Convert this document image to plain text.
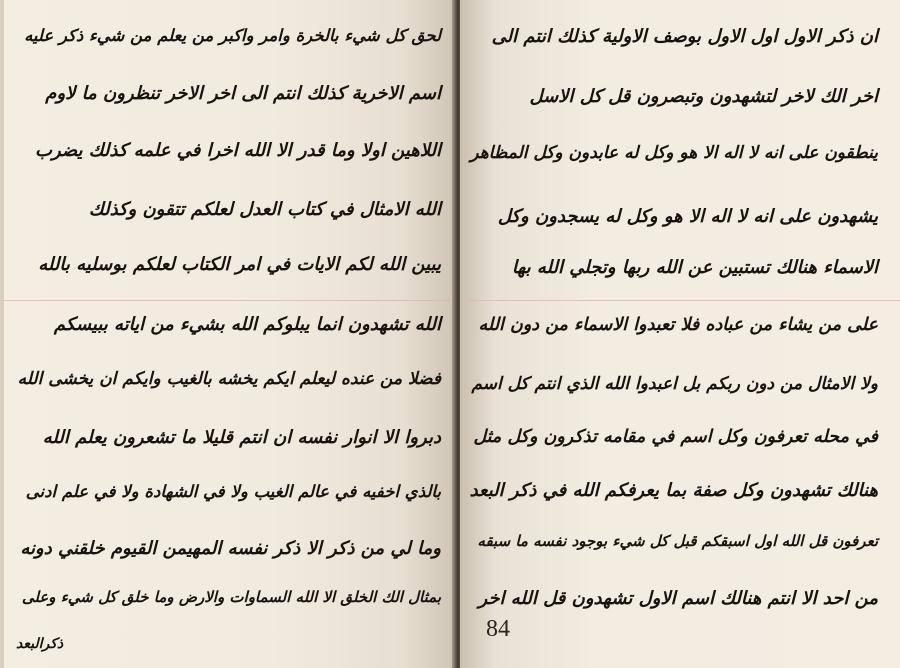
لحق كل شيء بالخرة وامر واكبر من يعلم من شيء ذكر عليه
اسم الاخرية كذلك انتم الى اخر الاخر تنظرون ما لاوم
اللاهين اولا وما قدر الا الله اخرا في علمه كذلك يضرب
الله الامثال في كتاب العدل لعلكم تتقون وكذلك
يبين الله لكم الايات في امر الكتاب لعلكم بوسليه بالله
الله تشهدون انما يبلوكم الله بشيء من اياته ببيسكم
فضلا من عنده ليعلم ايكم يخشه بالغيب وايكم ان يخشى الله
دبروا الا انوار نفسه ان انتم قليلا ما تشعرون يعلم الله
بالذي اخفيه في عالم الغيب ولا في الشهادة ولا في علم ادنى
وما لي من ذكر الا ذكر نفسه المهيمن القيوم خلقني دونه
بمثال الك الخلق الا الله السماوات والارض وما خلق كل شيء وعلى
ذكرالبعد
ان ذكر الاول اول الاول بوصف الاولية كذلك انتم الى
اخر الك لاخر لتشهدون وتبصرون قل كل الاسل
ينطقون على انه لا اله الا هو وكل له عابدون وكل المظاهر
يشهدون على انه لا اله الا هو وكل له يسجدون وكل
الاسماء هنالك تستبين عن الله ربها وتجلي الله بها
على من يشاء من عباده فلا تعبدوا الاسماء من دون الله
ولا الامثال من دون ربكم بل اعبدوا الله الذي انتم كل اسم
في محله تعرفون وكل اسم في مقامه تذكرون وكل مثل
هنالك تشهدون وكل صفة بما يعرفكم الله في ذكر البعد
تعرفون قل الله اول اسبقكم قبل كل شيء بوجود نفسه ما سبقه
من احد الا انتم هنالك اسم الاول تشهدون قل الله اخر
84
